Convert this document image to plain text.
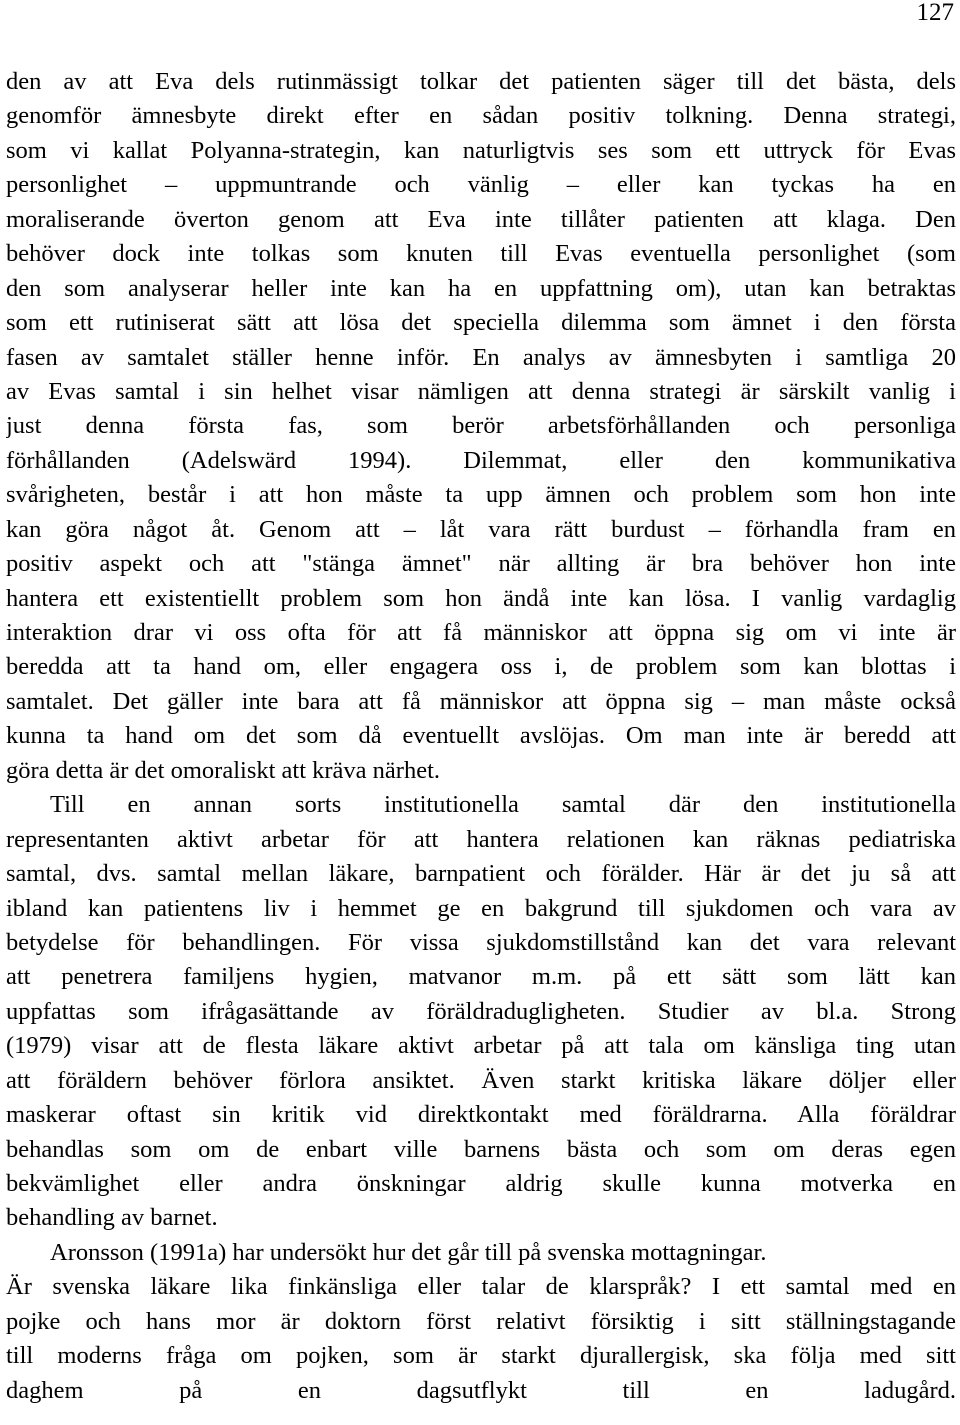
127
den av att Eva dels rutinmässigt tolkar det patienten säger till det bästa, dels
genomför ämnesbyte direkt efter en sådan positiv tolkning. Denna strategi,
som vi kallat Polyanna-strategin, kan naturligtvis ses som ett uttryck för Evas
personlighet – uppmuntrande och vänlig – eller kan tyckas ha en
moraliserande överton genom att Eva inte tillåter patienten att klaga. Den
behöver dock inte tolkas som knuten till Evas eventuella personlighet (som
den som analyserar heller inte kan ha en uppfattning om), utan kan betraktas
som ett rutiniserat sätt att lösa det speciella dilemma som ämnet i den första
fasen av samtalet ställer henne inför. En analys av ämnesbyten i samtliga 20
av Evas samtal i sin helhet visar nämligen att denna strategi är särskilt vanlig i
just denna första fas, som berör arbetsförhållanden och personliga
förhållanden (Adelswärd 1994). Dilemmat, eller den kommunikativa
svårigheten, består i att hon måste ta upp ämnen och problem som hon inte
kan göra något åt. Genom att – låt vara rätt burdust – förhandla fram en
positiv aspekt och att "stänga ämnet" när allting är bra behöver hon inte
hantera ett existentiellt problem som hon ändå inte kan lösa. I vanlig vardaglig
interaktion drar vi oss ofta för att få människor att öppna sig om vi inte är
beredda att ta hand om, eller engagera oss i, de problem som kan blottas i
samtalet. Det gäller inte bara att få människor att öppna sig – man måste också
kunna ta hand om det som då eventuellt avslöjas. Om man inte är beredd att
göra detta är det omoraliskt att kräva närhet.
Till en annan sorts institutionella samtal där den institutionella
representanten aktivt arbetar för att hantera relationen kan räknas pediatriska
samtal, dvs. samtal mellan läkare, barnpatient och förälder. Här är det ju så att
ibland kan patientens liv i hemmet ge en bakgrund till sjukdomen och vara av
betydelse för behandlingen. För vissa sjukdomstillstånd kan det vara relevant
att penetrera familjens hygien, matvanor m.m. på ett sätt som lätt kan
uppfattas som ifrågasättande av föräldradugligheten. Studier av bl.a. Strong
(1979) visar att de flesta läkare aktivt arbetar på att tala om känsliga ting utan
att föräldern behöver förlora ansiktet. Även starkt kritiska läkare döljer eller
maskerar oftast sin kritik vid direktkontakt med föräldrarna. Alla föräldrar
behandlas som om de enbart ville barnens bästa och som om deras egen
bekvämlighet eller andra önskningar aldrig skulle kunna motverka en
behandling av barnet.
Aronsson (1991a) har undersökt hur det går till på svenska mottagningar.
Är svenska läkare lika finkänsliga eller talar de klarspråk? I ett samtal med en
pojke och hans mor är doktorn först relativt försiktig i sitt ställningstagande
till moderns fråga om pojken, som är starkt djurallergisk, ska följa med sitt
daghem på en dagsutflykt till en ladugård.
